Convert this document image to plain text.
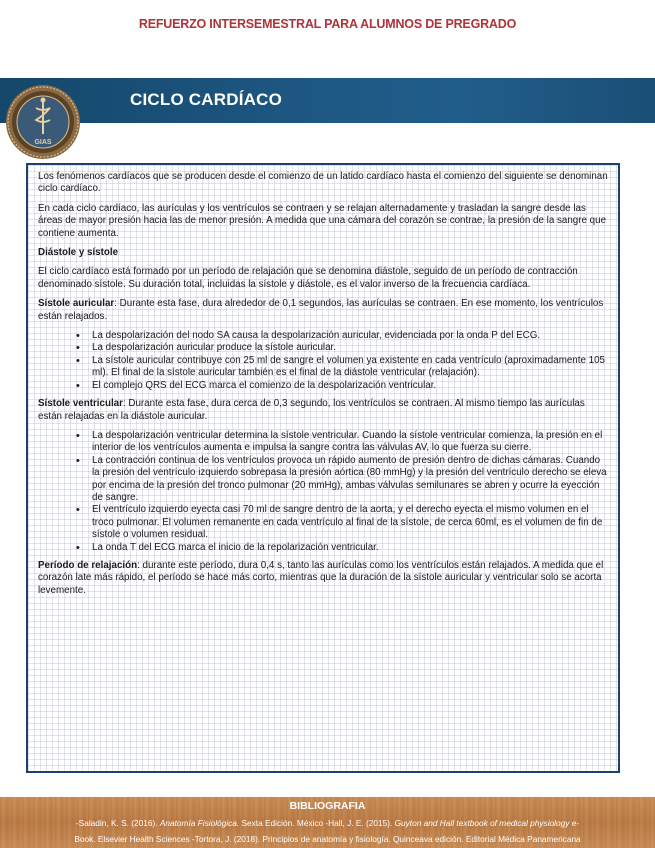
REFUERZO INTERSEMESTRAL PARA ALUMNOS DE PREGRADO
CICLO CARDÍACO
GIAS

Los fenómenos cardíacos que se producen desde el comienzo de un latido cardíaco hasta el comienzo del siguiente se denominan ciclo cardíaco.

En cada ciclo cardíaco, las aurículas y los ventrículos se contraen y se relajan alternadamente y trasladan la sangre desde las áreas de mayor presión hacia las de menor presión. A medida que una cámara del corazón se contrae, la presión de la sangre que contiene aumenta.

Diástole y sístole

El ciclo cardíaco está formado por un período de relajación que se denomina diástole, seguido de un período de contracción denominado sístole. Su duración total, incluidas la sístole y diástole, es el valor inverso de la frecuencia cardíaca.

Sístole auricular: Durante esta fase, dura alrededor de 0,1 segundos, las aurículas se contraen. En ese momento, los ventrículos están relajados.

• La despolarización del nodo SA causa la despolarización auricular, evidenciada por la onda P del ECG.
• La despolarización auricular produce la sístole auricular.
• La sístole auricular contribuye con 25 ml de sangre el volumen ya existente en cada ventrículo (aproximadamente 105 ml). El final de la sístole auricular también es el final de la diástole ventricular (relajación).
• El complejo QRS del ECG marca el comienzo de la despolarización ventricular.

Sístole ventricular: Durante esta fase, dura cerca de 0,3 segundo, los ventrículos se contraen. Al mismo tiempo las aurículas están relajadas en la diástole auricular.

• La despolarización ventricular determina la sístole ventricular. Cuando la sístole ventricular comienza, la presión en el interior de los ventrículos aumenta e impulsa la sangre contra las válvulas AV, lo que fuerza su cierre.
• La contracción continua de los ventrículos provoca un rápido aumento de presión dentro de dichas cámaras. Cuando la presión del ventrículo izquierdo sobrepasa la presión aórtica (80 mmHg) y la presión del ventrículo derecho se eleva por encima de la presión del tronco pulmonar (20 mmHg), ambas válvulas semilunares se abren y ocurre la eyección de sangre.
• El ventrículo izquierdo eyecta casi 70 ml de sangre dentro de la aorta, y el derecho eyecta el mismo volumen en el troco pulmonar. El volumen remanente en cada ventrículo al final de la sístole, de cerca 60ml, es el volumen de fin de sístole o volumen residual.
• La onda T del ECG marca el inicio de la repolarización ventricular.

Período de relajación: durante este período, dura 0,4 s, tanto las aurículas como los ventrículos están relajados. A medida que el corazón late más rápido, el período se hace más corto, mientras que la duración de la sístole auricular y ventricular solo se acorta levemente.

BIBLIOGRAFIA
-Saladin, K. S. (2016). Anatomía Fisiológica. Sexta Edición. México -Hall, J. E. (2015). Guyton and Hall textbook of medical physiology e-
Book. Elsevier Health Sciences -Tortora, J. (2018). Principios de anatomía y fisiología. Quinceava edición. Editorial Médica Panamericana
